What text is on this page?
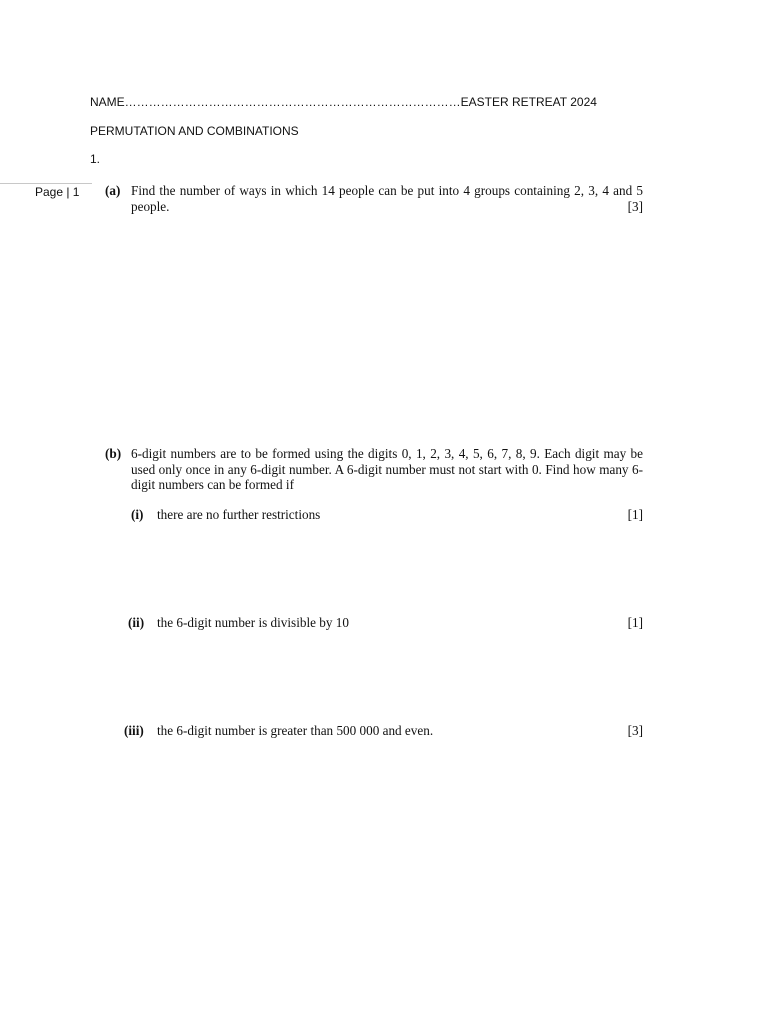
Page | 1
NAME…………………………………………………………………………EASTER RETREAT 2024
PERMUTATION AND COMBINATIONS
1.
(a) Find the number of ways in which 14 people can be put into 4 groups containing 2, 3, 4 and 5 people.	[3]
(b) 6-digit numbers are to be formed using the digits 0, 1, 2, 3, 4, 5, 6, 7, 8, 9. Each digit may be used only once in any 6-digit number. A 6-digit number must not start with 0. Find how many 6-digit numbers can be formed if
(i) there are no further restrictions	[1]
(ii) the 6-digit number is divisible by 10	[1]
(iii) the 6-digit number is greater than 500 000 and even.	[3]
